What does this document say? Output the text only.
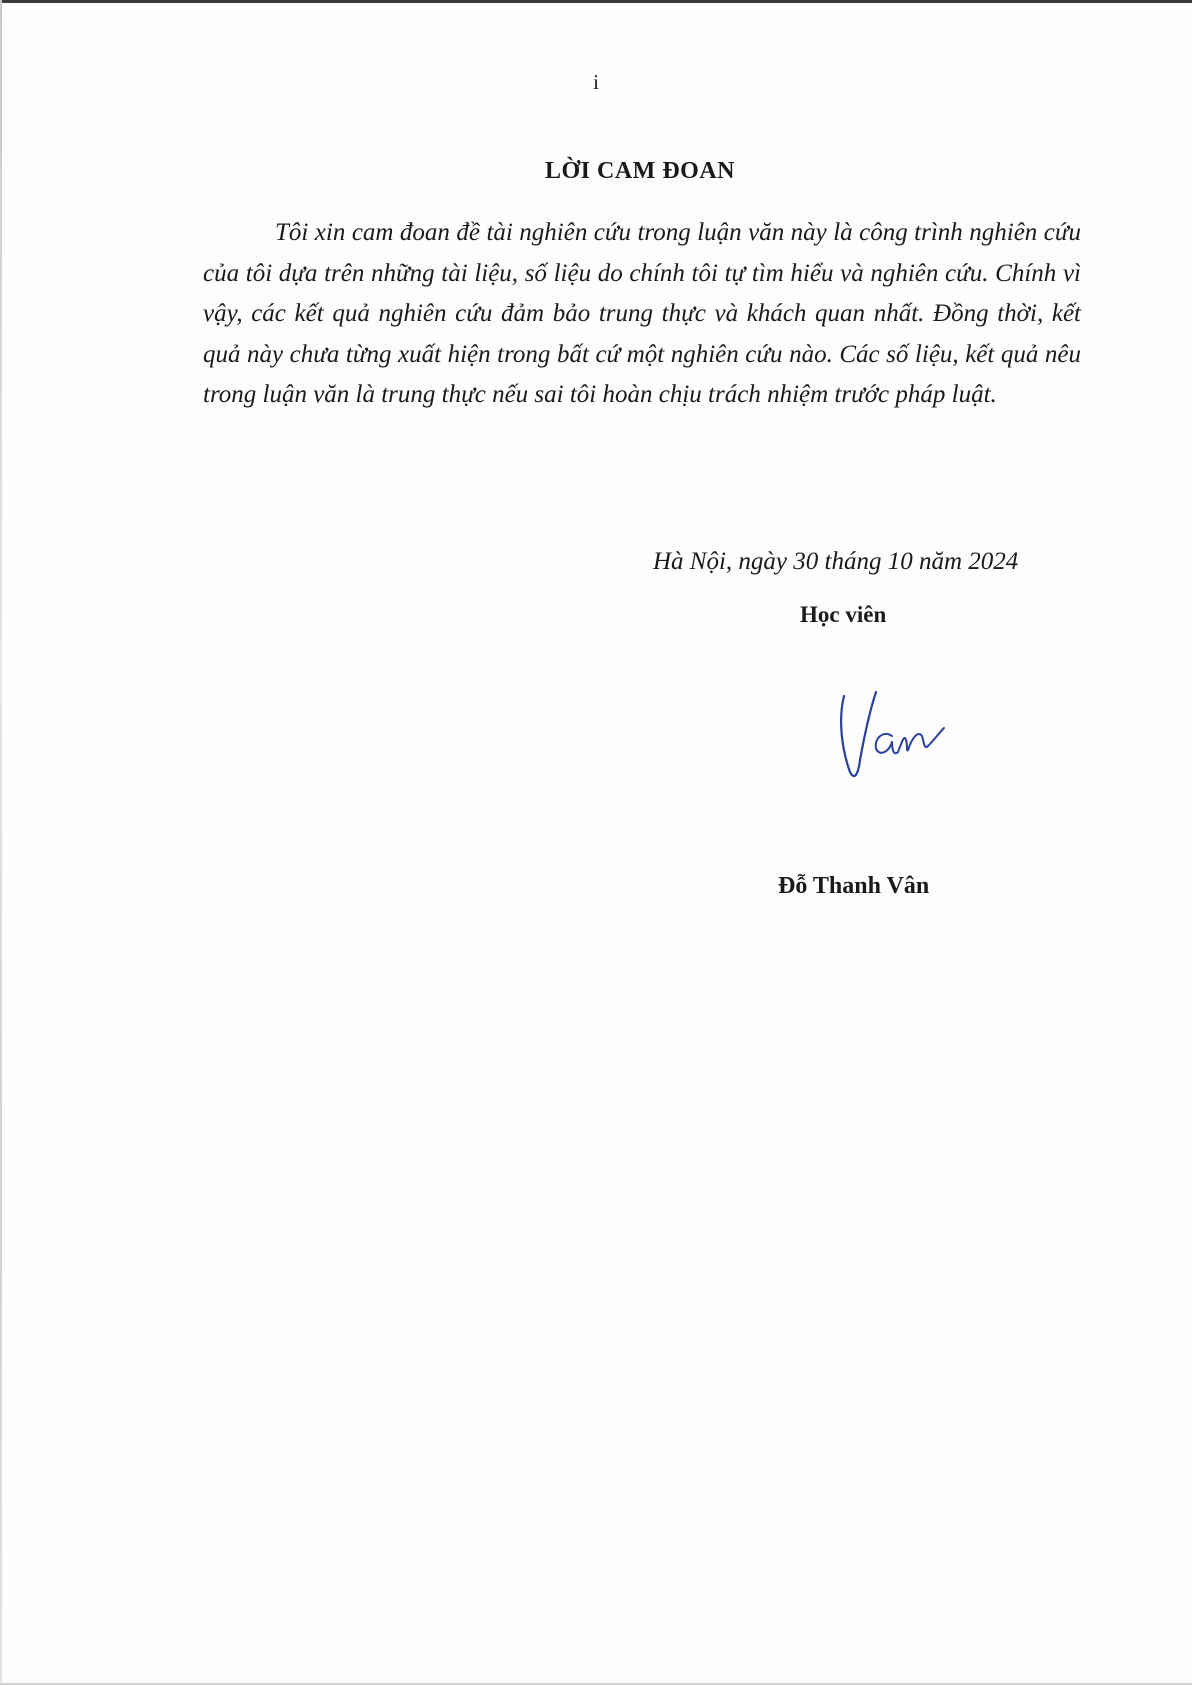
i
LỜI CAM ĐOAN

Tôi xin cam đoan đề tài nghiên cứu trong luận văn này là công trình nghiên cứu của tôi dựa trên những tài liệu, số liệu do chính tôi tự tìm hiểu và nghiên cứu. Chính vì vậy, các kết quả nghiên cứu đảm bảo trung thực và khách quan nhất. Đồng thời, kết quả này chưa từng xuất hiện trong bất cứ một nghiên cứu nào. Các số liệu, kết quả nêu trong luận văn là trung thực nếu sai tôi hoàn chịu trách nhiệm trước pháp luật.

Hà Nội, ngày 30 tháng 10 năm 2024
Học viên
Đỗ Thanh Vân
